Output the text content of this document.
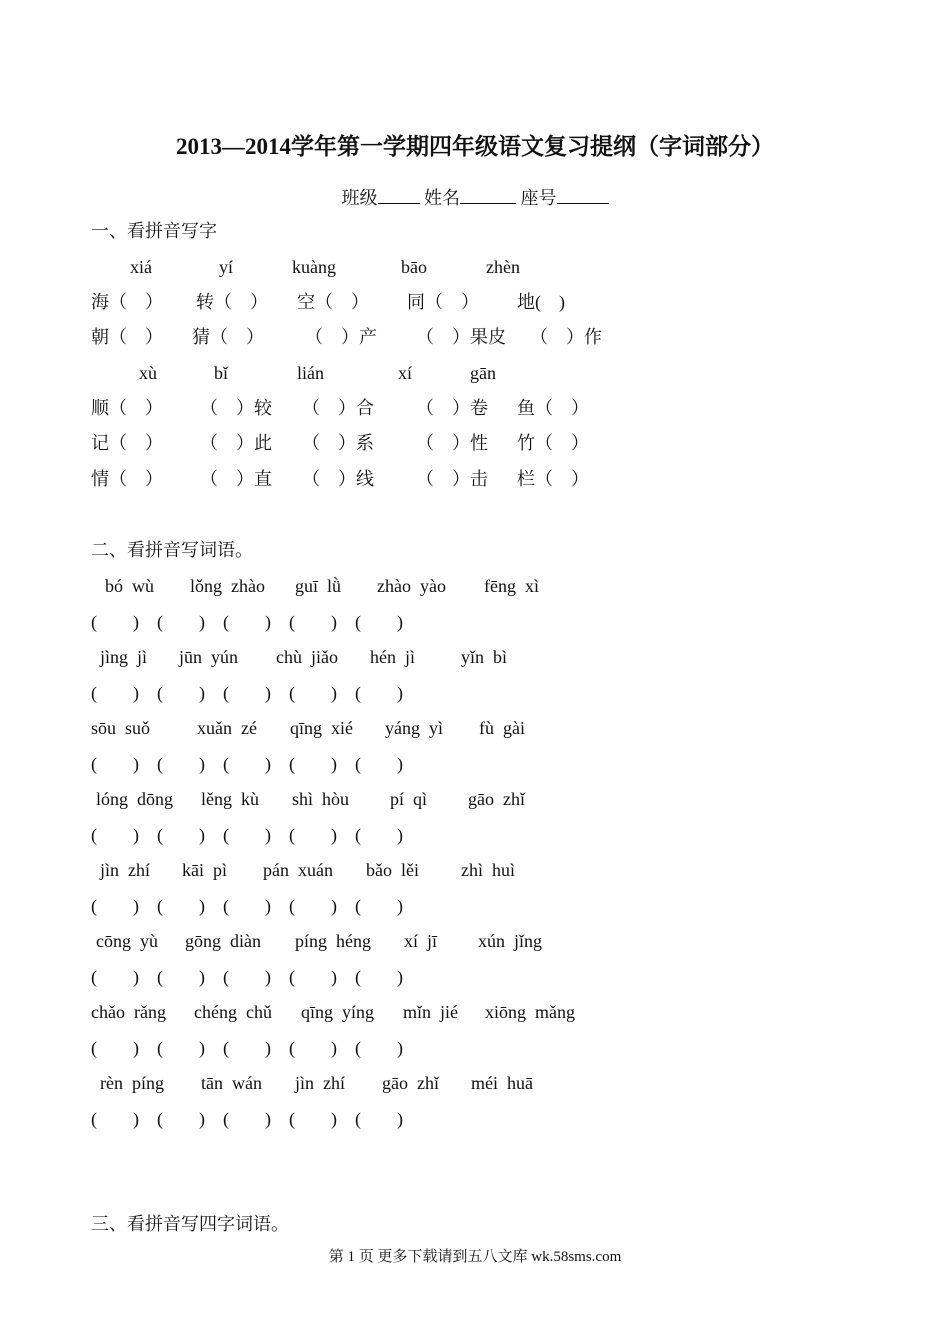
2013—2014学年第一学期四年级语文复习提纲（字词部分）
班级	姓名	座号
一、看拼音写字
xiá	yí	kuàng	bāo	zhèn
海（　） 转（　） 空（　） 同（　） 地(　)
朝（　） 猜（　） （　）产 （　）果皮 （　）作
xù	bǐ	lián	xí	gān
顺（　） （　）较 （　）合 （　）卷 鱼（　）
记（　） （　）此 （　）系 （　）性 竹（　）
情（　） （　）直 （　）线 （　）击 栏（　）
二、看拼音写词语。
bó  wù lǒng  zhào guī  lǜ zhào  yào fēng  xì
(        )    (        )    (        )    (        )    (        )
jìng  jì jūn  yún chù  jiǎo hén  jì	yǐn  bì
(        )    (        )    (        )    (        )    (        )
sōu  suǒ	xuǎn  zé qīng  xié yáng  yì fù  gài
(        )    (        )    (        )    (        )    (        )
lóng  dōng lěng  kù shì  hòu pí  qì gāo  zhǐ
(        )    (        )    (        )    (        )    (        )
jìn  zhí kāi  pì pán  xuán bǎo  lěi zhì  huì
(        )    (        )    (        )    (        )    (        )
cōng  yù gōng  diàn píng  héng xí  jī xún  jǐng
(        )    (        )    (        )    (        )    (        )
chǎo  rǎng chéng  chǔ qīng  yíng mǐn  jié xiōng  mǎng
(        )    (        )    (        )    (        )    (        )
rèn  píng tān  wán jìn  zhí gāo  zhǐ méi  huā
(        )    (        )    (        )    (        )    (        )
三、看拼音写四字词语。
第 1 页 更多下载请到五八文库 wk.58sms.com
